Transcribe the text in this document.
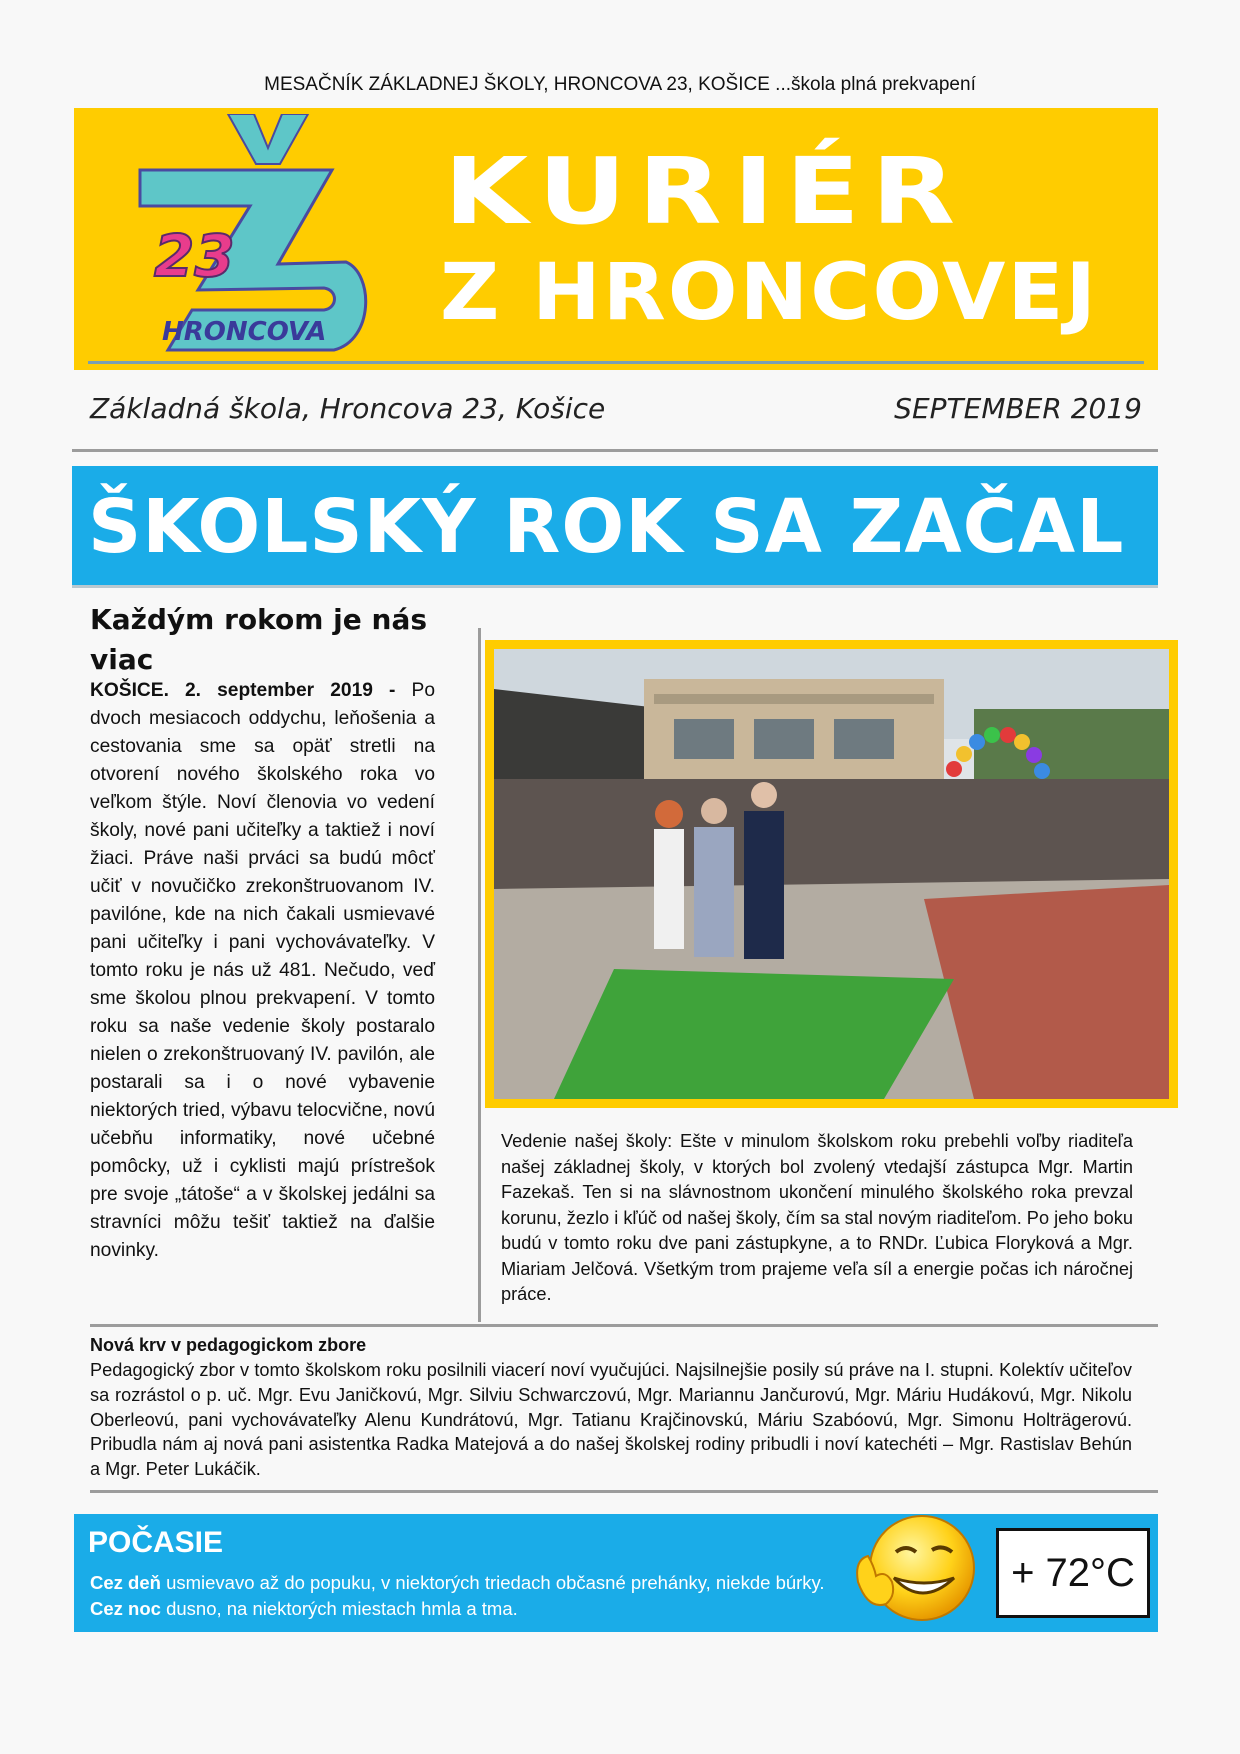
MESAČNÍK ZÁKLADNEJ ŠKOLY, HRONCOVA 23, KOŠICE ...škola plná prekvapení
23
HRONCOVA
KURIÉR
Z HRONCOVEJ
Základná škola, Hroncova 23, Košice	SEPTEMBER 2019
ŠKOLSKÝ ROK SA ZAČAL
Každým rokom je nás viac
KOŠICE. 2. september 2019 - Po dvoch mesiacoch oddychu, leňošenia a cestovania sme sa opäť stretli na otvorení nového školského roka vo veľkom štýle. Noví členovia vo vedení školy, nové pani učiteľky a taktiež i noví žiaci. Práve naši prváci sa budú môcť učiť v novučičko zrekonštruovanom IV. pavilóne, kde na nich čakali usmievavé pani učiteľky i pani vychovávateľky. V tomto roku je nás už 481. Nečudo, veď sme školou plnou prekvapení. V tomto roku sa naše vedenie školy postaralo nielen o zrekonštruovaný IV. pavilón, ale postarali sa i o nové vybavenie niektorých tried, výbavu telocvične, novú učebňu informatiky, nové učebné pomôcky, už i cyklisti majú prístrešok pre svoje „tátoše“ a v školskej jedálni sa stravníci môžu tešiť taktiež na ďalšie novinky.
Vedenie našej školy: Ešte v minulom školskom roku prebehli voľby riaditeľa našej základnej školy, v ktorých bol zvolený vtedajší zástupca Mgr. Martin Fazekaš. Ten si na slávnostnom ukončení minulého školského roka prevzal korunu, žezlo i kľúč od našej školy, čím sa stal novým riaditeľom. Po jeho boku budú v tomto roku dve pani zástupkyne, a to RNDr. Ľubica Floryková a Mgr. Miariam Jelčová. Všetkým trom prajeme veľa síl a energie počas ich náročnej práce.
Nová krv v pedagogickom zbore
Pedagogický zbor v tomto školskom roku posilnili viacerí noví vyučujúci. Najsilnejšie posily sú práve na I. stupni. Kolektív učiteľov sa rozrástol o p. uč. Mgr. Evu Janičkovú, Mgr. Silviu Schwarczovú, Mgr. Mariannu Jančurovú, Mgr. Máriu Hudákovú, Mgr. Nikolu Oberleovú, pani vychovávateľky Alenu Kundrátovú, Mgr. Tatianu Krajčinovskú, Máriu Szabóovú, Mgr. Simonu Holträgerovú. Pribudla nám aj nová pani asistentka Radka Matejová a do našej školskej rodiny pribudli i noví katechéti – Mgr. Rastislav Behún a Mgr. Peter Lukáčik.
POČASIE
Cez deň usmievavo až do popuku, v niektorých triedach občasné prehánky, niekde búrky.
Cez noc dusno, na niektorých miestach hmla a tma.
+ 72°C
